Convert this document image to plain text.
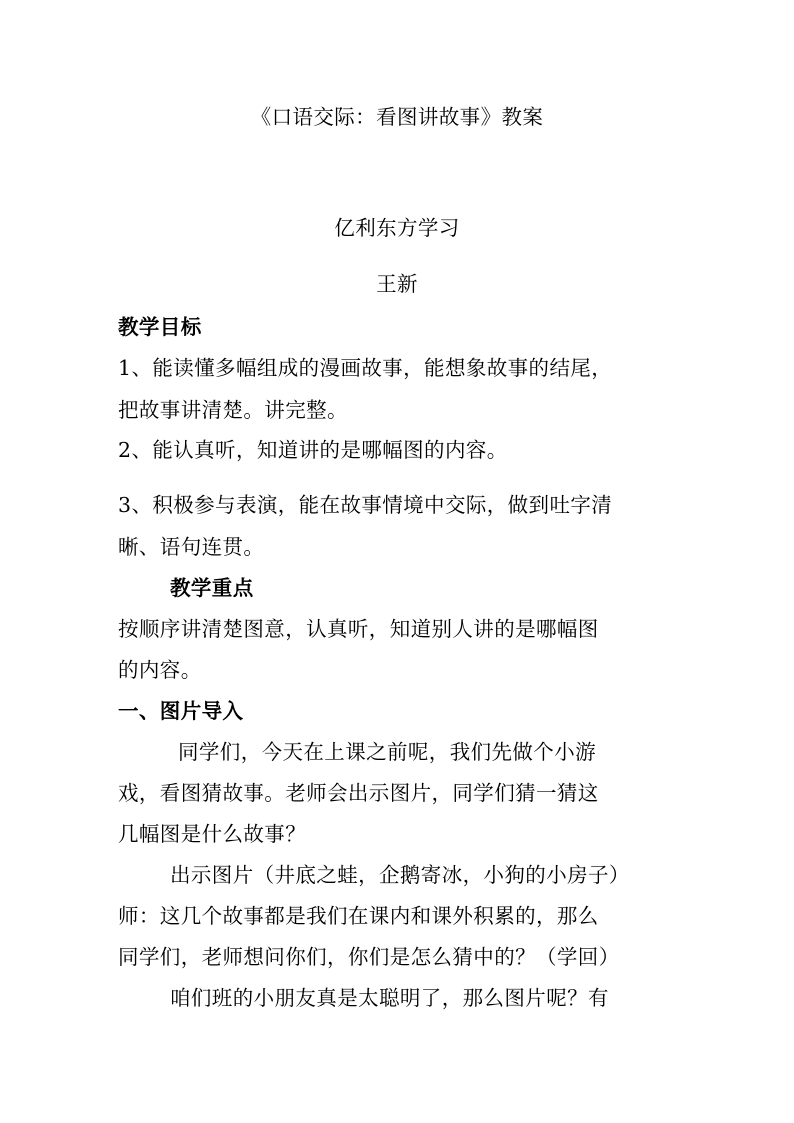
《口语交际：看图讲故事》教案
亿利东方学习
王新
教学目标
1、能读懂多幅组成的漫画故事，能想象故事的结尾，
把故事讲清楚。讲完整。
2、能认真听，知道讲的是哪幅图的内容。
3、积极参与表演，能在故事情境中交际，做到吐字清
晰、语句连贯。
教学重点
按顺序讲清楚图意，认真听，知道别人讲的是哪幅图
的内容。
一、图片导入
同学们，今天在上课之前呢，我们先做个小游
戏，看图猜故事。老师会出示图片，同学们猜一猜这
几幅图是什么故事？
出示图片（井底之蛙，企鹅寄冰，小狗的小房子）
师：这几个故事都是我们在课内和课外积累的，那么
同学们，老师想问你们，你们是怎么猜中的？（学回）
咱们班的小朋友真是太聪明了，那么图片呢？有
